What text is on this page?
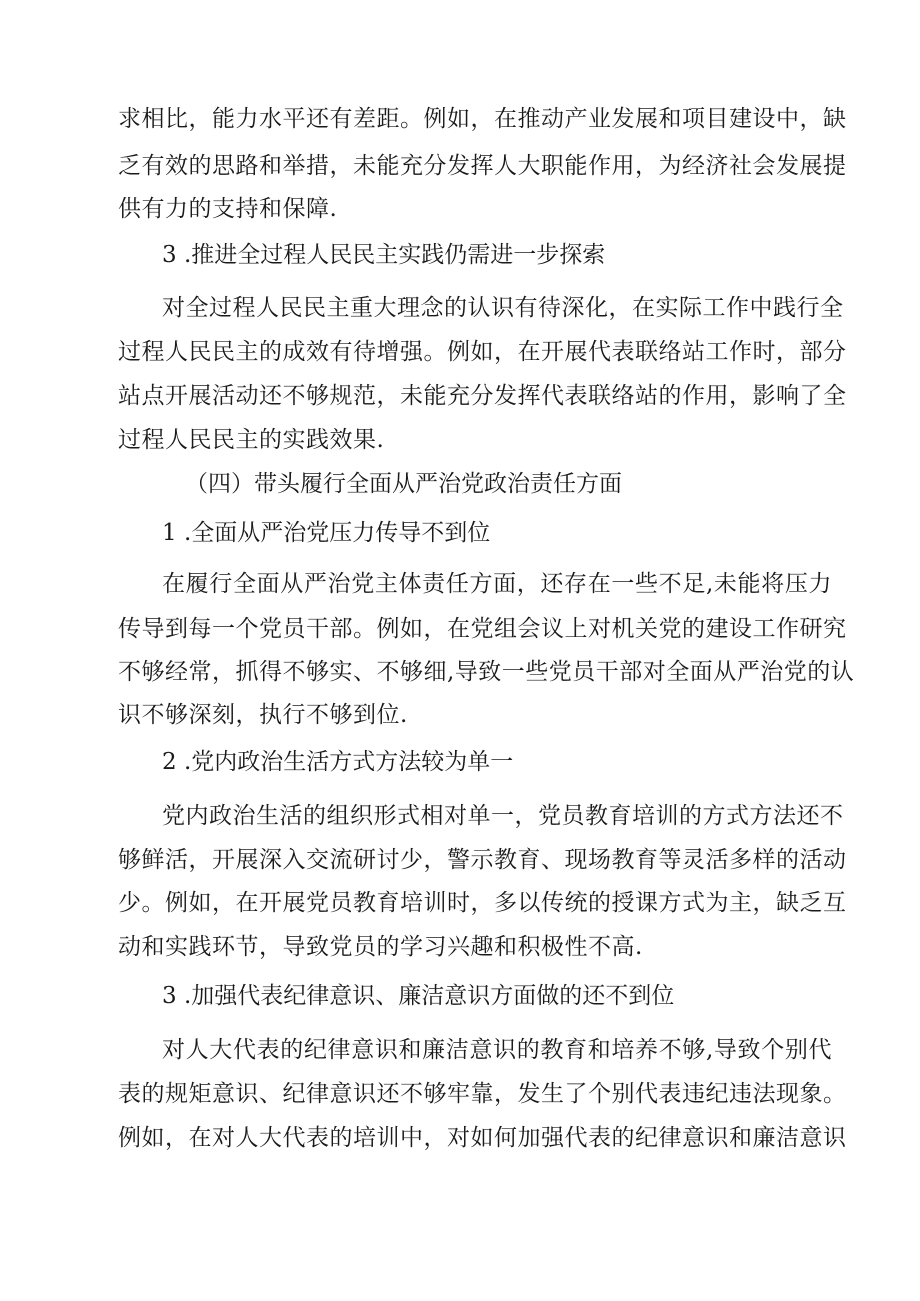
求相比，能力水平还有差距。例如，在推动产业发展和项目建设中，缺
乏有效的思路和举措，未能充分发挥人大职能作用，为经济社会发展提
供有力的支持和保障.
3 .推进全过程人民民主实践仍需进一步探索
对全过程人民民主重大理念的认识有待深化，在实际工作中践行全
过程人民民主的成效有待增强。例如，在开展代表联络站工作时，部分
站点开展活动还不够规范，未能充分发挥代表联络站的作用，影响了全
过程人民民主的实践效果.
（四）带头履行全面从严治党政治责任方面
1 .全面从严治党压力传导不到位
在履行全面从严治党主体责任方面，还存在一些不足,未能将压力
传导到每一个党员干部。例如，在党组会议上对机关党的建设工作研究
不够经常，抓得不够实、不够细,导致一些党员干部对全面从严治党的认
识不够深刻，执行不够到位.
2 .党内政治生活方式方法较为单一
党内政治生活的组织形式相对单一，党员教育培训的方式方法还不
够鲜活，开展深入交流研讨少，警示教育、现场教育等灵活多样的活动
少。例如，在开展党员教育培训时，多以传统的授课方式为主，缺乏互
动和实践环节，导致党员的学习兴趣和积极性不高.
3 .加强代表纪律意识、廉洁意识方面做的还不到位
对人大代表的纪律意识和廉洁意识的教育和培养不够,导致个别代
表的规矩意识、纪律意识还不够牢靠，发生了个别代表违纪违法现象。
例如，在对人大代表的培训中，对如何加强代表的纪律意识和廉洁意识
